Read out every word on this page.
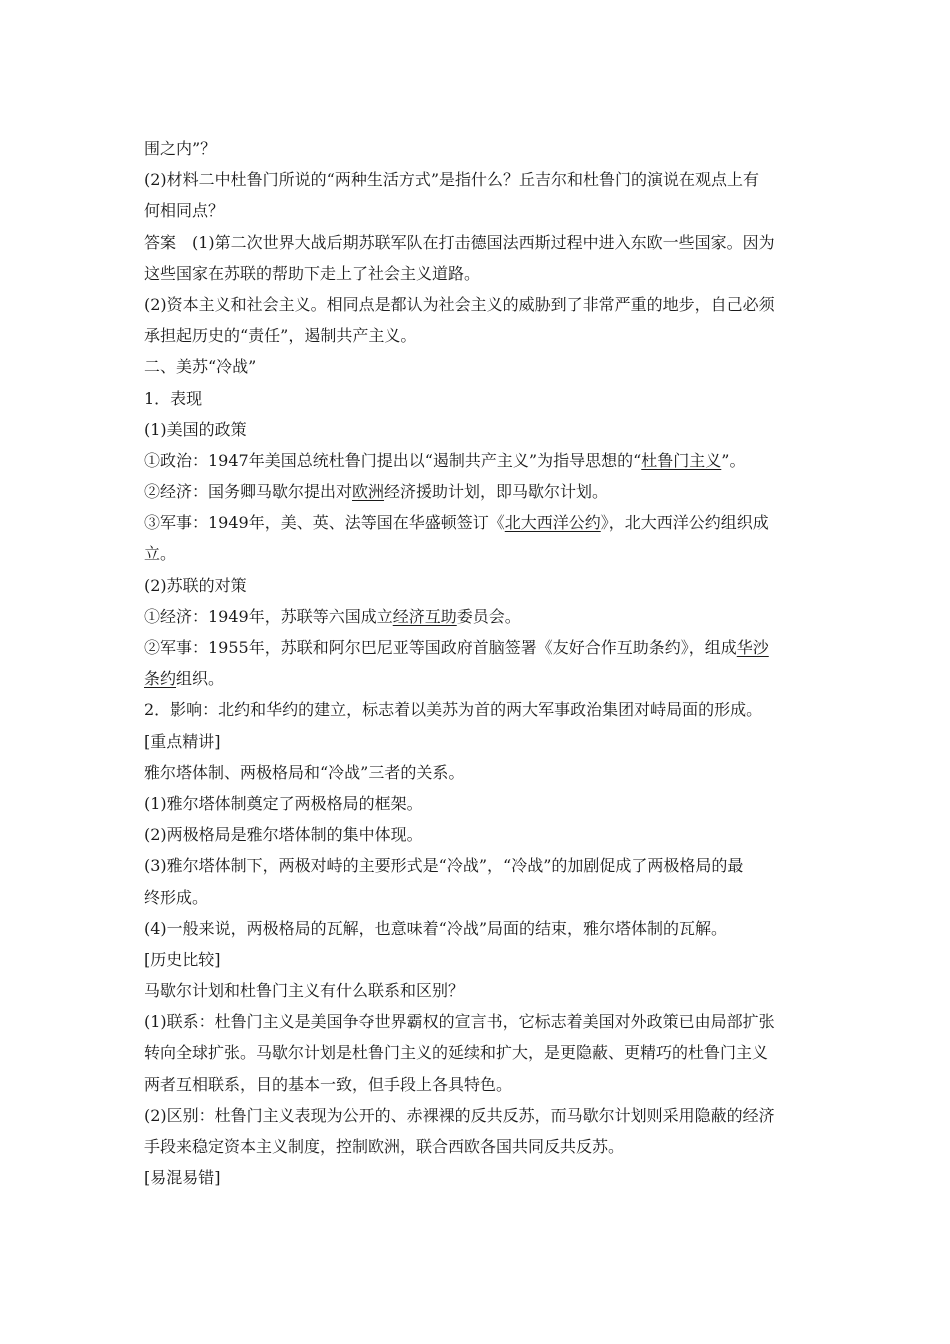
围之内”？
(2)材料二中杜鲁门所说的“两种生活方式”是指什么？丘吉尔和杜鲁门的演说在观点上有
何相同点？
答案　(1)第二次世界大战后期苏联军队在打击德国法西斯过程中进入东欧一些国家。因为
这些国家在苏联的帮助下走上了社会主义道路。
(2)资本主义和社会主义。相同点是都认为社会主义的威胁到了非常严重的地步，自己必须
承担起历史的“责任”，遏制共产主义。
二、美苏“冷战”
1．表现
(1)美国的政策
①政治：1947年美国总统杜鲁门提出以“遏制共产主义”为指导思想的“杜鲁门主义”。
②经济：国务卿马歇尔提出对欧洲经济援助计划，即马歇尔计划。
③军事：1949年，美、英、法等国在华盛顿签订《北大西洋公约》，北大西洋公约组织成
立。
(2)苏联的对策
①经济：1949年，苏联等六国成立经济互助委员会。
②军事：1955年，苏联和阿尔巴尼亚等国政府首脑签署《友好合作互助条约》，组成华沙
条约组织。
2．影响：北约和华约的建立，标志着以美苏为首的两大军事政治集团对峙局面的形成。
[重点精讲]
雅尔塔体制、两极格局和“冷战”三者的关系。
(1)雅尔塔体制奠定了两极格局的框架。
(2)两极格局是雅尔塔体制的集中体现。
(3)雅尔塔体制下，两极对峙的主要形式是“冷战”，“冷战”的加剧促成了两极格局的最
终形成。
(4)一般来说，两极格局的瓦解，也意味着“冷战”局面的结束，雅尔塔体制的瓦解。
[历史比较]
马歇尔计划和杜鲁门主义有什么联系和区别？
(1)联系：杜鲁门主义是美国争夺世界霸权的宣言书，它标志着美国对外政策已由局部扩张
转向全球扩张。马歇尔计划是杜鲁门主义的延续和扩大，是更隐蔽、更精巧的杜鲁门主义
两者互相联系，目的基本一致，但手段上各具特色。
(2)区别：杜鲁门主义表现为公开的、赤裸裸的反共反苏，而马歇尔计划则采用隐蔽的经济
手段来稳定资本主义制度，控制欧洲，联合西欧各国共同反共反苏。
[易混易错]
